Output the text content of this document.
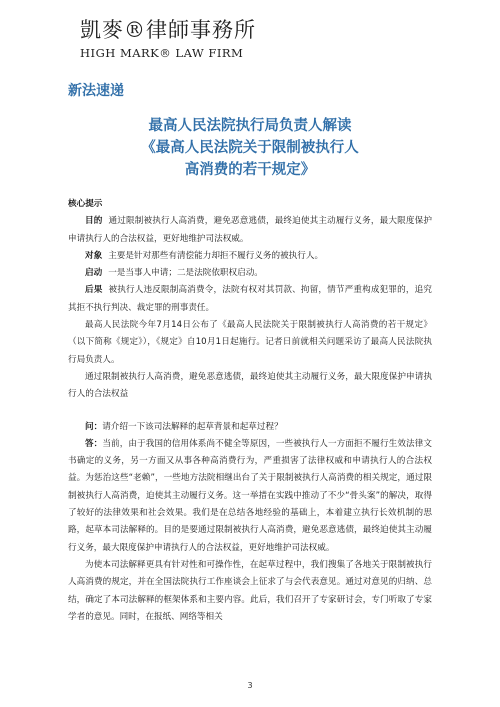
凱麥®律師事務所
HIGH MARK® LAW FIRM
新法速递
最高人民法院执行局负责人解读
《最高人民法院关于限制被执行人
高消费的若干规定》

核心提示

目的 通过限制被执行人高消费，避免恶意逃债，最终迫使其主动履行义务，最大限度保护申请执行人的合法权益，更好地维护司法权威。

对象 主要是针对那些有清偿能力却拒不履行义务的被执行人。

启动 一是当事人申请；二是法院依职权启动。

后果 被执行人违反限制高消费令，法院有权对其罚款、拘留，情节严重构成犯罪的，追究其拒不执行判决、裁定罪的刑事责任。

最高人民法院今年7月14日公布了《最高人民法院关于限制被执行人高消费的若干规定》（以下简称《规定》），《规定》自10月1日起施行。记者日前就相关问题采访了最高人民法院执行局负责人。

通过限制被执行人高消费，避免恶意逃债，最终迫使其主动履行义务，最大限度保护申请执行人的合法权益

问：请介绍一下该司法解释的起草背景和起草过程？

答：当前，由于我国的信用体系尚不健全等原因，一些被执行人一方面拒不履行生效法律文书确定的义务，另一方面又从事各种高消费行为，严重损害了法律权威和申请执行人的合法权益。为惩治这些“老赖”，一些地方法院相继出台了关于限制被执行人高消费的相关规定，通过限制被执行人高消费，迫使其主动履行义务。这一举措在实践中推动了不少“骨头案”的解决，取得了较好的法律效果和社会效果。我们是在总结各地经验的基础上，本着建立执行长效机制的思路，起草本司法解释的。目的是要通过限制被执行人高消费，避免恶意逃债，最终迫使其主动履行义务，最大限度保护申请执行人的合法权益，更好地维护司法权威。

为使本司法解释更具有针对性和可操作性，在起草过程中，我们搜集了各地关于限制被执行人高消费的规定，并在全国法院执行工作座谈会上征求了与会代表意见。通过对意见的归纳、总结，确定了本司法解释的框架体系和主要内容。此后，我们召开了专家研讨会，专门听取了专家学者的意见。同时，在报纸、网络等相关

3
